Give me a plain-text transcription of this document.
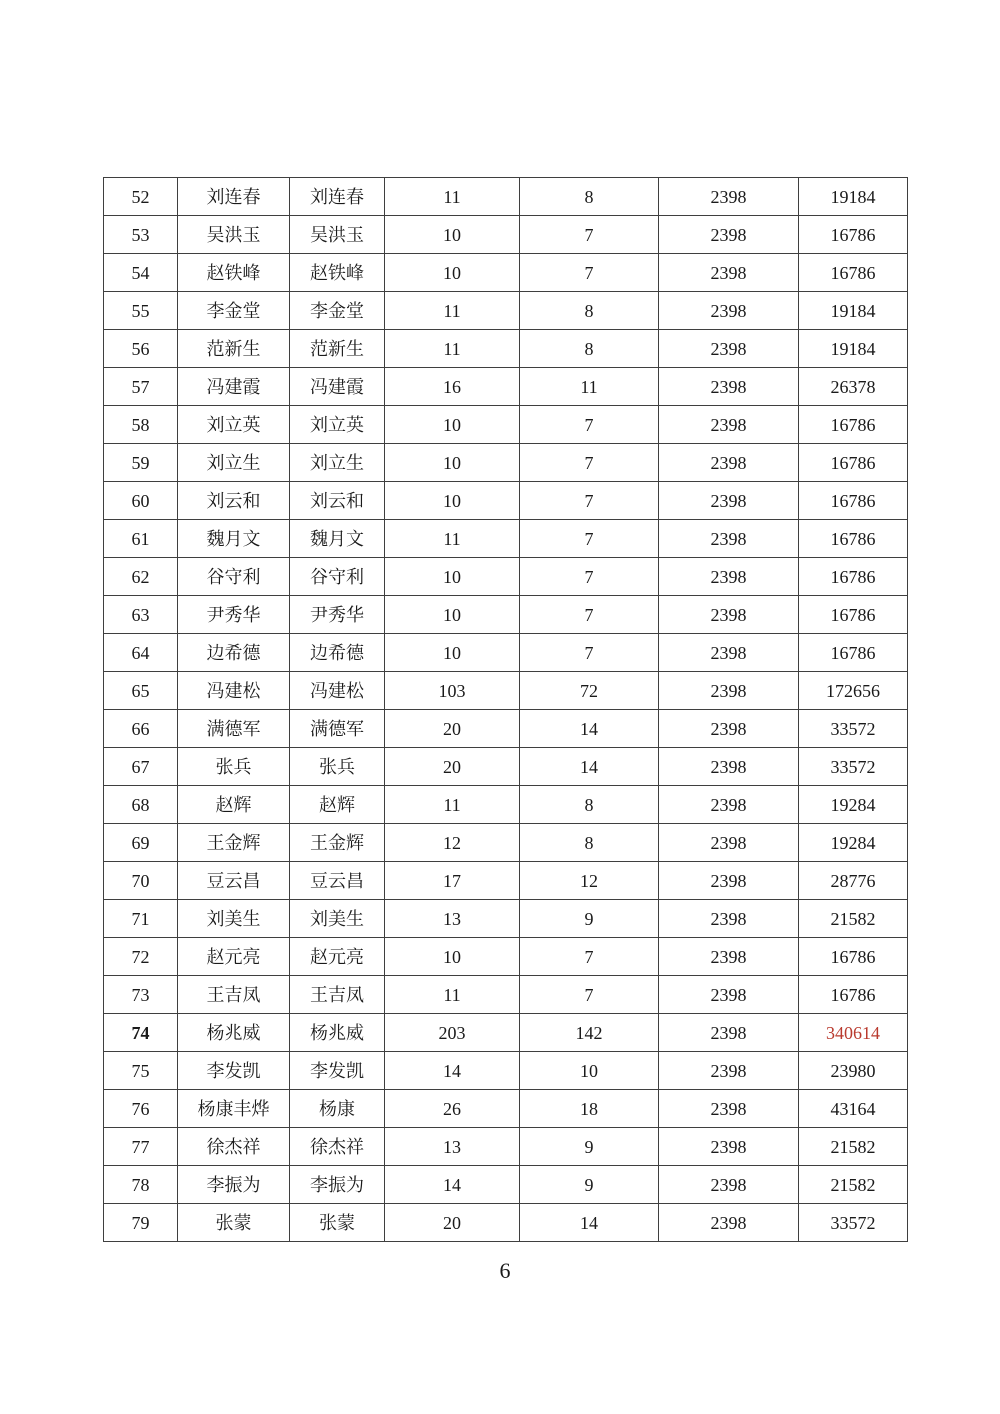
52	刘连春	刘连春	11	8	2398	19184
53	吴洪玉	吴洪玉	10	7	2398	16786
54	赵铁峰	赵铁峰	10	7	2398	16786
55	李金堂	李金堂	11	8	2398	19184
56	范新生	范新生	11	8	2398	19184
57	冯建霞	冯建霞	16	11	2398	26378
58	刘立英	刘立英	10	7	2398	16786
59	刘立生	刘立生	10	7	2398	16786
60	刘云和	刘云和	10	7	2398	16786
61	魏月文	魏月文	11	7	2398	16786
62	谷守利	谷守利	10	7	2398	16786
63	尹秀华	尹秀华	10	7	2398	16786
64	边希德	边希德	10	7	2398	16786
65	冯建松	冯建松	103	72	2398	172656
66	满德军	满德军	20	14	2398	33572
67	张兵	张兵	20	14	2398	33572
68	赵辉	赵辉	11	8	2398	19284
69	王金辉	王金辉	12	8	2398	19284
70	豆云昌	豆云昌	17	12	2398	28776
71	刘美生	刘美生	13	9	2398	21582
72	赵元亮	赵元亮	10	7	2398	16786
73	王吉凤	王吉凤	11	7	2398	16786
74	杨兆威	杨兆威	203	142	2398	340614
75	李发凯	李发凯	14	10	2398	23980
76	杨康丰烨	杨康	26	18	2398	43164
77	徐杰祥	徐杰祥	13	9	2398	21582
78	李振为	李振为	14	9	2398	21582
79	张蒙	张蒙	20	14	2398	33572
6
